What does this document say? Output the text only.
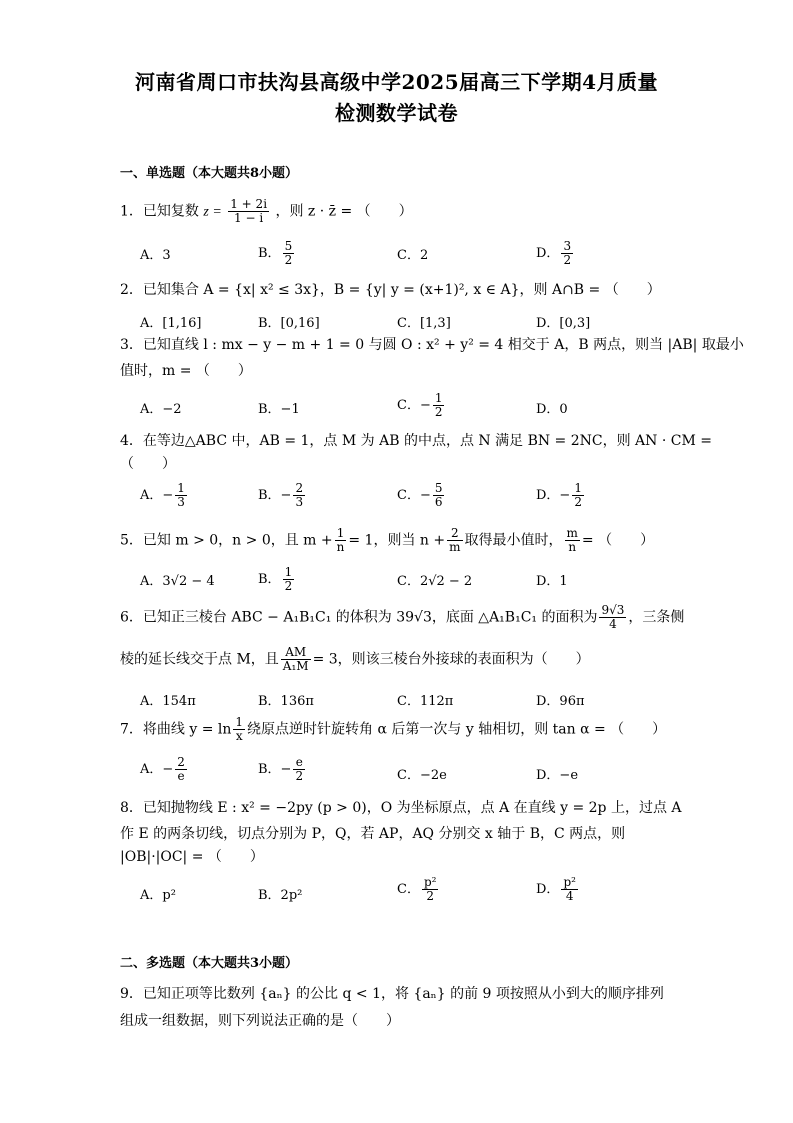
河南省周口市扶沟县高级中学2025届高三下学期4月质量
检测数学试卷
一、单选题（本大题共8小题）
1．已知复数 $z = \frac{1 + 2i}{1 - i}$ ，则 z · z̄ = （　　）
A．3	B． $\frac{5}{2}$	C．2	D． $\frac{3}{2}$
2．已知集合 A = {x| x² ≤ 3x}，B = {y| y = (x+1)², x ∈ A}，则 A∩B = （　　）
A．[1,16]	B．[0,16]	C．[1,3]	D．[0,3]
3．已知直线 l : mx − y − m + 1 = 0 与圆 O : x² + y² = 4 相交于 A，B 两点，则当 |AB| 取最小
值时，m = （　　）
A．−2	B．−1	C．− $\frac{1}{2}$	D．0
4．在等边△ABC 中，AB = 1，点 M 为 AB 的中点，点 N 满足 BN = 2NC，则 AN · CM =
（　　）
A．− $\frac{1}{3}$	B．− $\frac{2}{3}$	C．− $\frac{5}{6}$	D．− $\frac{1}{2}$
5．已知 m > 0，n > 0，且 $m + \frac{1}{n} = 1$，则当 $n + \frac{2}{m}$ 取得最小值时， $\frac{m}{n}$ = （　　）
A．3√2 − 4	B． $\frac{1}{2}$	C．2√2 − 2	D．1
6．已知正三棱台 ABC − A₁B₁C₁ 的体积为 39√3，底面 △A₁B₁C₁ 的面积为 $\frac{9√3}{4}$ ，三条侧
棱的延长线交于点 M，且 $\frac{AM}{\text{A₁M}} = 3$，则该三棱台外接球的表面积为（　　）
A．154π	B．136π	C．112π	D．96π
7．将曲线 $y = \ln \frac{1}{x}$ 绕原点逆时针旋转角 α 后第一次与 y 轴相切，则 tan α = （　　）
A．− $\frac{2}{e}$	B．− $\frac{e}{2}$	C．−2e	D．−e
8．已知抛物线 E : x² = −2py (p > 0)，O 为坐标原点，点 A 在直线 y = 2p 上，过点 A
作 E 的两条切线，切点分别为 P，Q，若 AP，AQ 分别交 x 轴于 B，C 两点，则
|OB|·|OC| = （　　）
A．p²	B．2p²	C． $\frac{\text{p²}}{2}$	D． $\frac{\text{p²}}{4}$
二、多选题（本大题共3小题）
9．已知正项等比数列 {aₙ} 的公比 q < 1，将 {aₙ} 的前 9 项按照从小到大的顺序排列
组成一组数据，则下列说法正确的是（　　）
